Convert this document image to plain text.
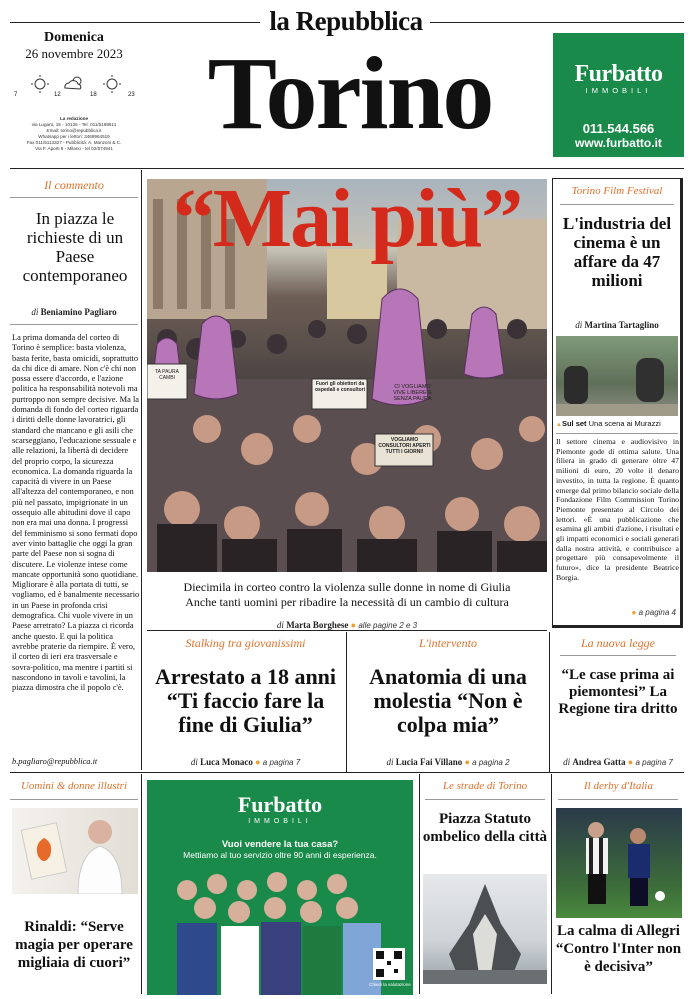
la Repubblica
Domenica
26 novembre 2023
7	12	18	23
La redazione
via Lugaro, 15 - 10126 - Tel. 011/5169611
Email: torino@repubblica.it
Whatsapp per i lettori: 3468964519
Fax 011/5113327 - Pubblicità: A. Manzoni & C.
Via F. Aporti 8 - Milano - tel 02/574941 Torino	Furbatto
IMMOBILI
011.544.566
www.furbatto.it
Il commento
In piazza le richieste di un Paese contemporaneo
di Beniamino Pagliaro
La prima domanda del corteo di Torino è semplice: basta violenza, basta ferite, basta omicidi, soprattutto da chi dice di amare. Non c'è chi non possa essere d'accordo, e l'azione politica ha responsabilità notevoli ma purtroppo non sempre decisive. Ma la domanda di fondo del corteo riguarda i diritti delle donne lavoratrici, gli standard che mancano e gli asili che scarseggiano, l'educazione sessuale e alle relazioni, la libertà di decidere del proprio corpo, la sicurezza economica. La domanda riguarda la capacità di vivere in un Paese all'altezza del contemporaneo, e non più nel passato, impigrionate in un ossequio alle abitudini dove il capo non era mai una donna. I progressi del femminismo si sono fermati dopo aver vinto battaglie che oggi la gran parte del Paese non si sogna di discutere. Le violenze intese come mancate opportunità sono quotidiane. Migliorare è alla portata di tutti, se vogliamo, ed è banalmente necessario in un Paese in profonda crisi demografica. Chi vuole vivere in un Paese arretrato? La piazza ci ricorda anche questo. E qui la politica avrebbe praterie da riempire. È vero, il corteo di ieri era trasversale e sovra-politico, ma mentre i partiti si nascondono in tavoli e tavolini, la piazza dimostra che il popolo c'è.
b.pagliaro@repubblica.it
“Mai più”
CI VOGLIAMO VIVE LIBERE E SENZA PAURA
Fuori gli obiettori da ospedali e consultori
VOGLIAMO CONSULTORI APERTI TUTTI I GIORNI!
TA PAURA CAMBI
Diecimila in corteo contro la violenza sulle donne in nome di Giulia
Anche tanti uomini per ribadire la necessità di un cambio di cultura
di Marta Borghese ● alle pagine 2 e 3
Torino Film Festival
L'industria del cinema è un affare da 47 milioni
di Martina Tartaglino
▲Sul set Una scena ai Murazzi
Il settore cinema e audiovisivo in Piemonte gode di ottima salute. Una filiera in grado di generare oltre 47 milioni di euro, 20 volte il denaro investito, in tutta la regione. È quanto emerge dal primo bilancio sociale della Fondazione Film Commission Torino Piemonte presentato al Circolo dei lettori. «È una pubblicazione che esamina gli ambiti d'azione, i risultati e gli impatti economici e sociali generati dalla nostra attività, e contribuisce a progettare più consapevolmente il futuro», dice la presidente Beatrice Borgia.
● a pagina 4
Stalking tra giovanissimi
Arrestato a 18 anni “Ti faccio fare la fine di Giulia”
di Luca Monaco ● a pagina 7
L'intervento
Anatomia di una molestia “Non è colpa mia”
di Lucia Fai Villano ● a pagina 2
La nuova legge
“Le case prima ai piemontesi” La Regione tira dritto
di Andrea Gatta ● a pagina 7
Uomini & donne illustri
Rinaldi: “Serve magia per operare migliaia di cuori”
Furbatto
IMMOBILI
Vuoi vendere la tua casa?
Mettiamo al tuo servizio oltre 90 anni di esperienza.
Chiedi la valutazione
Le strade di Torino
Piazza Statuto ombelico della città
Il derby d'Italia
La calma di Allegri “Contro l'Inter non è decisiva”
